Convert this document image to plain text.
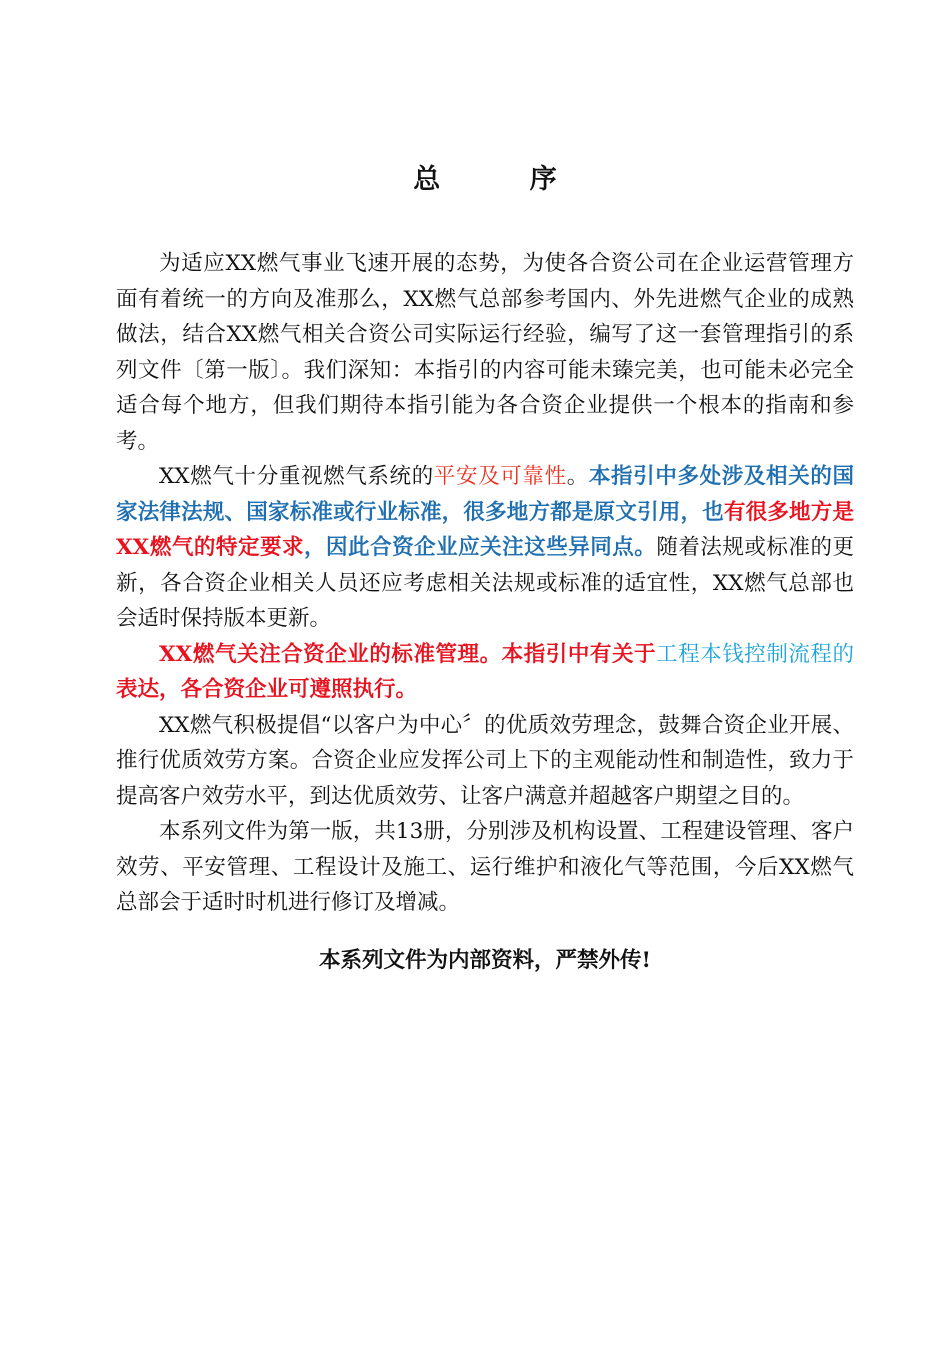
总 序

为适应XX燃气事业飞速开展的态势，为使各合资公司在企业运营管理方面有着统一的方向及准那么，XX燃气总部参考国内、外先进燃气企业的成熟做法，结合XX燃气相关合资公司实际运行经验，编写了这一套管理指引的系列文件〔第一版〕。我们深知：本指引的内容可能未臻完美，也可能未必完全适合每个地方，但我们期待本指引能为各合资企业提供一个根本的指南和参考。

XX燃气十分重视燃气系统的平安及可靠性。本指引中多处涉及相关的国家法律法规、国家标准或行业标准，很多地方都是原文引用，也有很多地方是XX燃气的特定要求，因此合资企业应关注这些异同点。随着法规或标准的更新，各合资企业相关人员还应考虑相关法规或标准的适宜性，XX燃气总部也会适时保持版本更新。

XX燃气关注合资企业的标准管理。本指引中有关于工程本钱控制流程的表达，各合资企业可遵照执行。

XX燃气积极提倡“以客户为中心〞的优质效劳理念，鼓舞合资企业开展、推行优质效劳方案。合资企业应发挥公司上下的主观能动性和制造性，致力于提高客户效劳水平，到达优质效劳、让客户满意并超越客户期望之目的。

本系列文件为第一版，共13册，分别涉及机构设置、工程建设管理、客户效劳、平安管理、工程设计及施工、运行维护和液化气等范围，今后XX燃气总部会于适时时机进行修订及增减。

本系列文件为内部资料，严禁外传!
